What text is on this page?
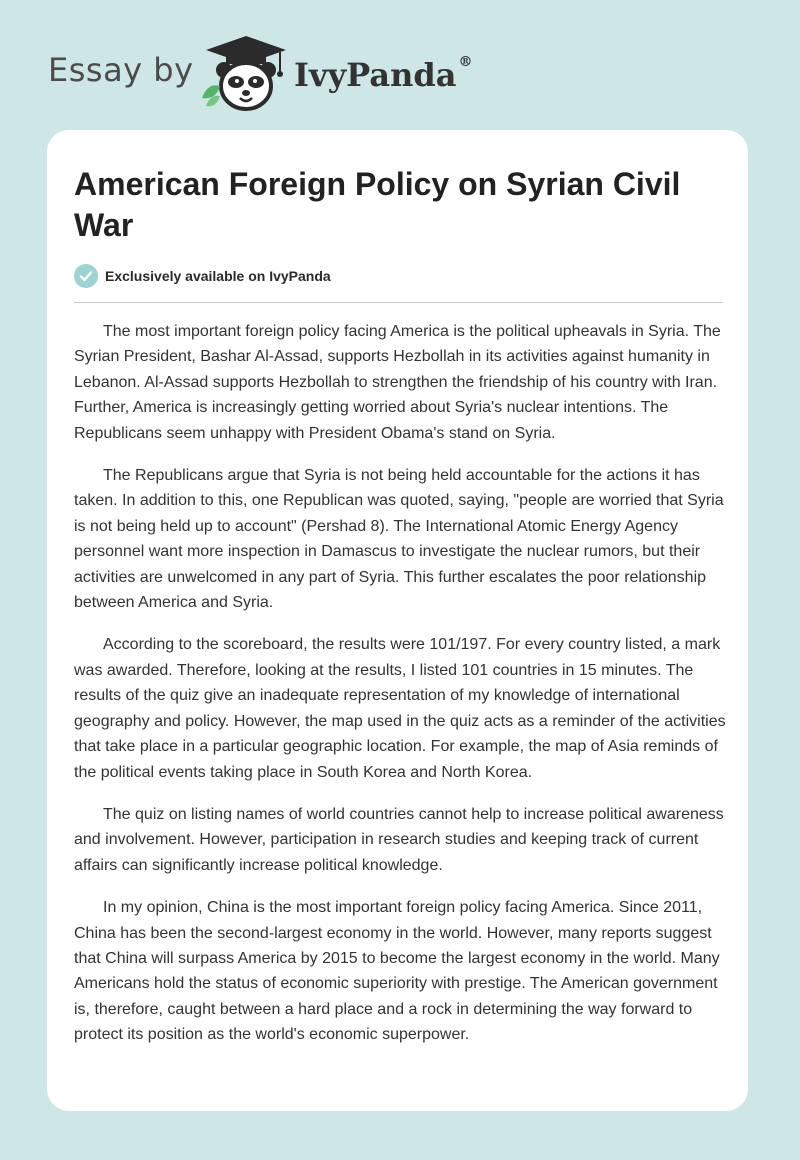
Essay by	IvyPanda ®
American Foreign Policy on Syrian Civil War
Exclusively available on IvyPanda

The most important foreign policy facing America is the political upheavals in Syria. The Syrian President, Bashar Al-Assad, supports Hezbollah in its activities against humanity in Lebanon. Al-Assad supports Hezbollah to strengthen the friendship of his country with Iran. Further, America is increasingly getting worried about Syria's nuclear intentions. The Republicans seem unhappy with President Obama's stand on Syria.

The Republicans argue that Syria is not being held accountable for the actions it has taken. In addition to this, one Republican was quoted, saying, "people are worried that Syria is not being held up to account" (Pershad 8). The International Atomic Energy Agency personnel want more inspection in Damascus to investigate the nuclear rumors, but their activities are unwelcomed in any part of Syria. This further escalates the poor relationship between America and Syria.

According to the scoreboard, the results were 101/197. For every country listed, a mark was awarded. Therefore, looking at the results, I listed 101 countries in 15 minutes. The results of the quiz give an inadequate representation of my knowledge of international geography and policy. However, the map used in the quiz acts as a reminder of the activities that take place in a particular geographic location. For example, the map of Asia reminds of the political events taking place in South Korea and North Korea.

The quiz on listing names of world countries cannot help to increase political awareness and involvement. However, participation in research studies and keeping track of current affairs can significantly increase political knowledge.

In my opinion, China is the most important foreign policy facing America. Since 2011, China has been the second-largest economy in the world. However, many reports suggest that China will surpass America by 2015 to become the largest economy in the world. Many Americans hold the status of economic superiority with prestige. The American government is, therefore, caught between a hard place and a rock in determining the way forward to protect its position as the world's economic superpower.
